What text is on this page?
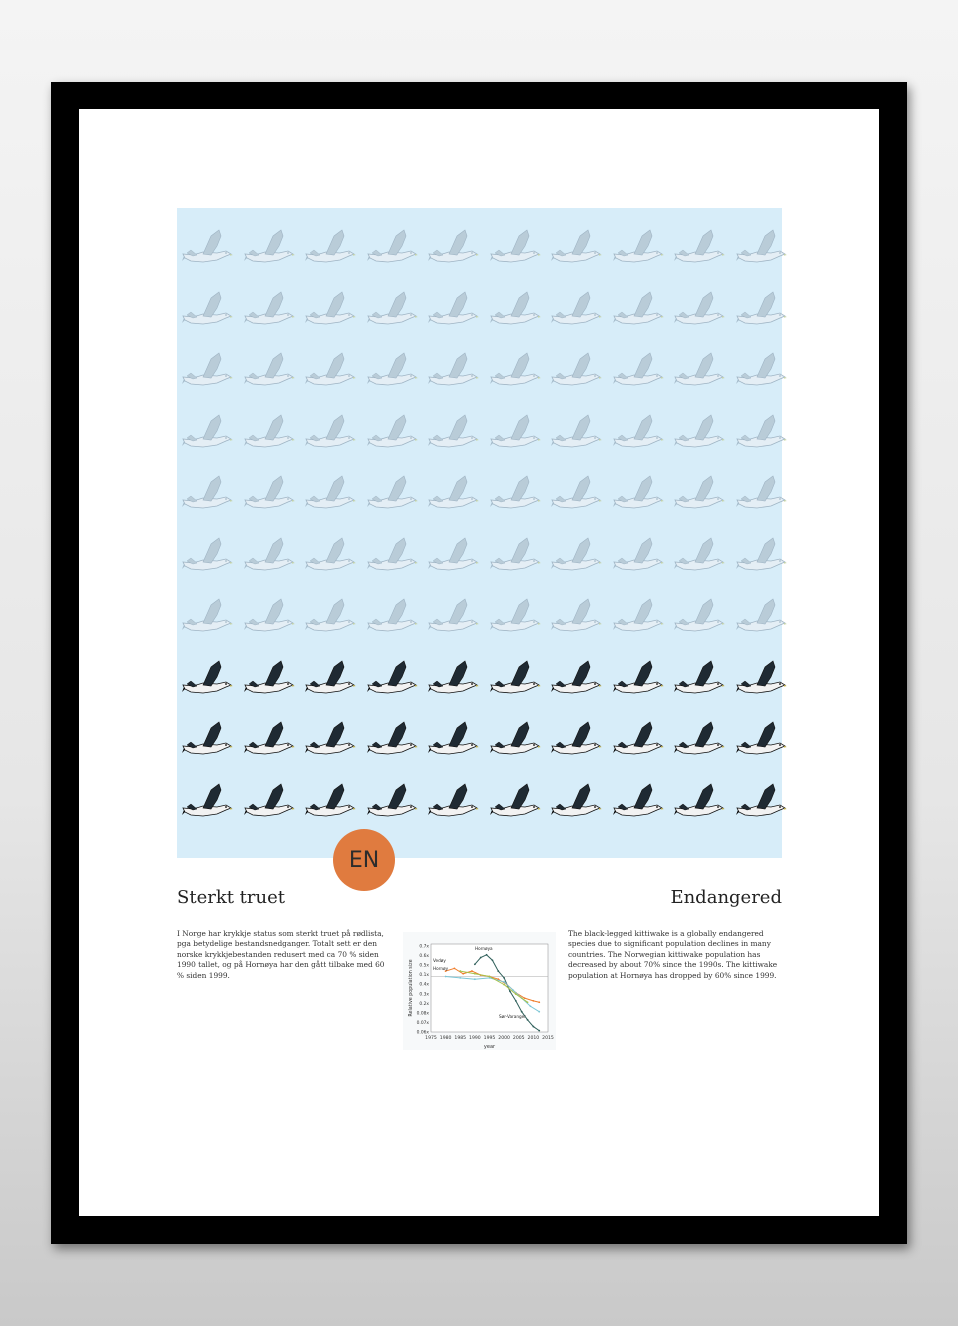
EN
Sterkt truet	Endangered
I Norge har krykkje status som sterkt truet på rødlista, pga betydelige bestandsnedganger. Totalt sett er den norske krykkjebestanden redusert med ca 70 % siden 1990 tallet, og på Hornøya har den gått tilbake med 60 % siden 1999.
1975 1980 1985 1990 1995 2000 2005 2010 2015
0.7x
0.6x
0.5x
0.1x
0.4x
0.3x
0.2x
0.08x
0.07x
0.06x
year
Relative population size
Hornøya
Vedøy
Hornøy
Sør-Varanger
The black-legged kittiwake is a globally endangered species due to significant population declines in many countries. The Norwegian kittiwake population has decreased by about 70% since the 1990s. The kittiwake population at Hornøya has dropped by 60% since 1999.
